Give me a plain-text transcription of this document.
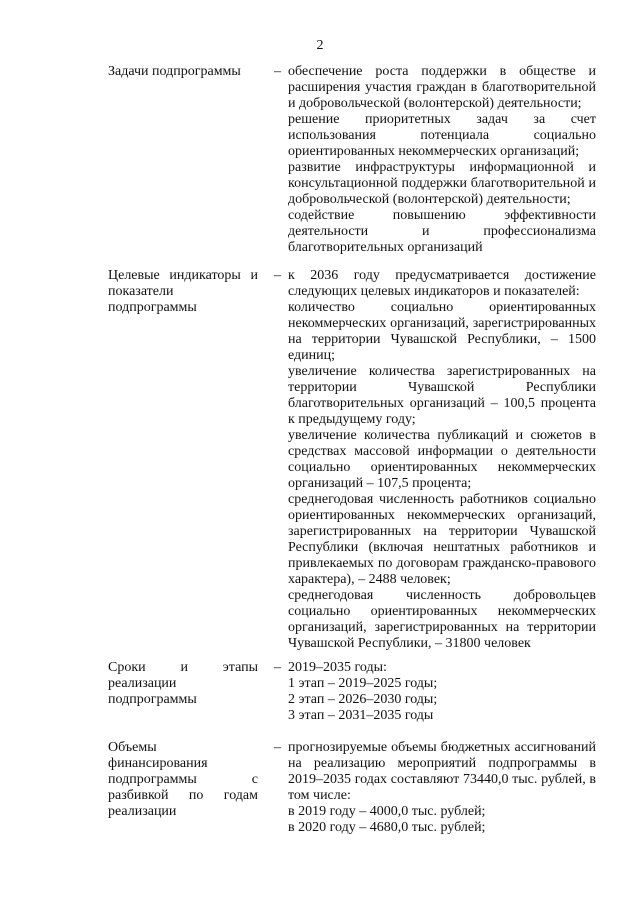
2
Задачи подпрограммы	– обеспечение роста поддержки в обществе и расширения участия граждан в благотворительной и добровольческой (волонтерской) деятельности;

решение приоритетных задач за счет использования потенциала социально ориентированных некоммерческих организаций;

развитие инфраструктуры информационной и консультационной поддержки благотворительной и добровольческой (волонтерской) деятельности;

содействие повышению эффективности деятельности и профессионализма благотворительных организаций

Целевые индикаторы и показатели подпрограммы
– к 2036 году предусматривается достижение следующих целевых индикаторов и показателей:

количество социально ориентированных некоммерческих организаций, зарегистрированных на территории Чувашской Республики, – 1500 единиц;

увеличение количества зарегистрированных на территории Чувашской Республики благотворительных организаций – 100,5 процента к предыдущему году;

увеличение количества публикаций и сюжетов в средствах массовой информации о деятельности социально ориентированных некоммерческих организаций – 107,5 процента;

среднегодовая численность работников социально ориентированных некоммерческих организаций, зарегистрированных на территории Чувашской Республики (включая нештатных работников и привлекаемых по договорам гражданско-правового характера), – 2488 человек;

среднегодовая численность добровольцев социально ориентированных некоммерческих организаций, зарегистрированных на территории Чувашской Республики, – 31800 человек

Сроки и этапы реализации подпрограммы
– 2019–2035 годы:
1 этап – 2019–2025 годы;
2 этап – 2026–2030 годы;
3 этап – 2031–2035 годы
Объемы финансирования подпрограммы с разбивкой по годам реализации
– прогнозируемые объемы бюджетных ассигнований на реализацию мероприятий подпрограммы в 2019–2035 годах составляют 73440,0 тыс. рублей, в том числе:

в 2019 году – 4000,0 тыс. рублей;
в 2020 году – 4680,0 тыс. рублей;
